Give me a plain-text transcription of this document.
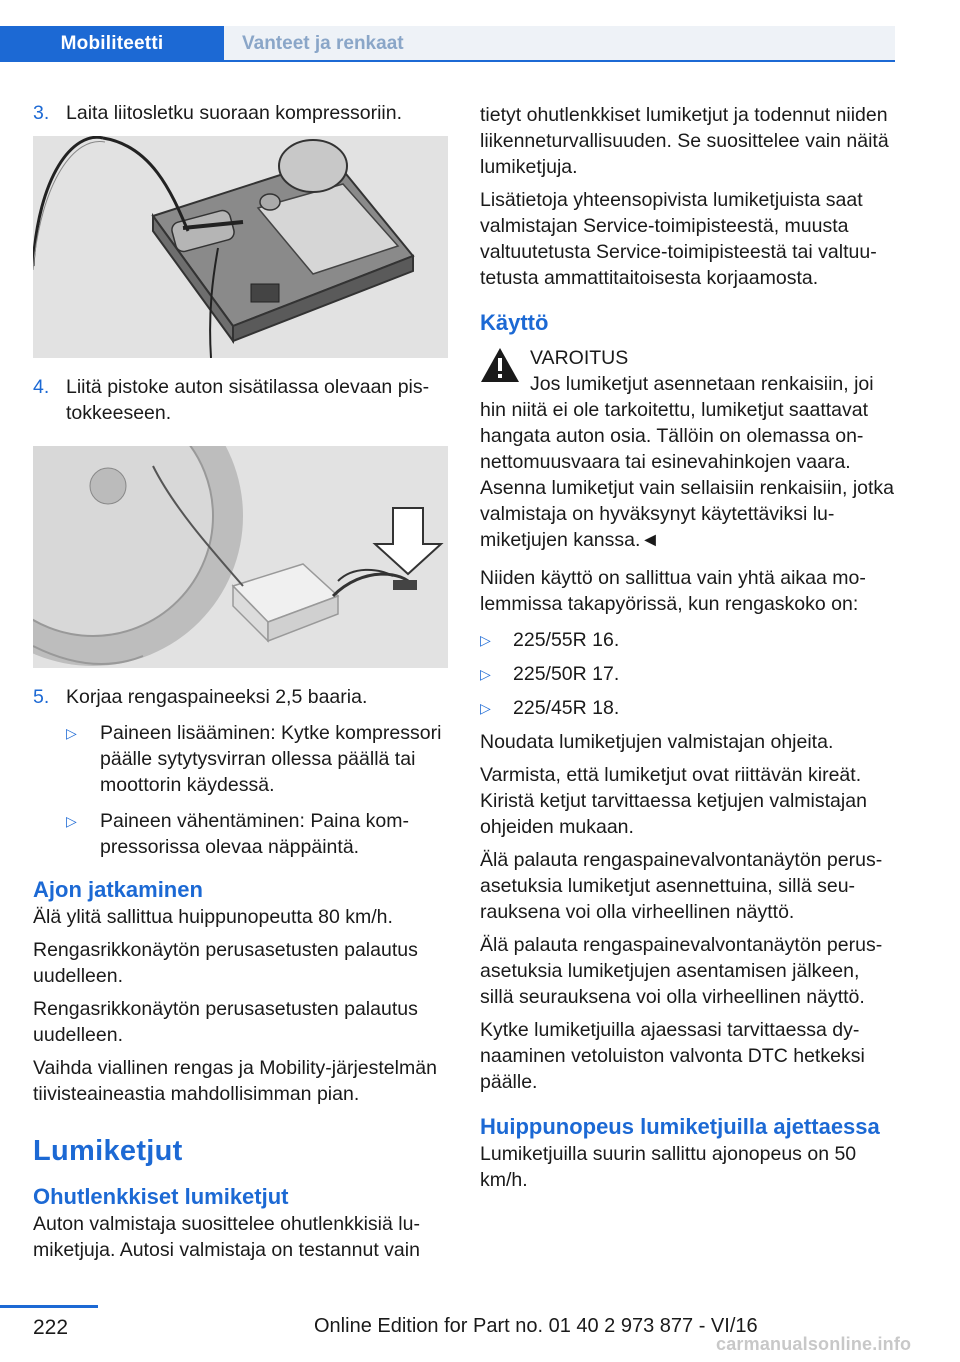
Mobiliteetti	Vanteet ja renkaat
3. Laita liitosletku suoraan kompressoriin.
4. Liitä pistoke auton sisätilassa olevaan pistokkeeseen.
5. Korjaa rengaspaineeksi 2,5 baaria.
▷	Paineen lisääminen: Kytke kompressori päälle sytytysvirran ollessa päällä tai moottorin käydessä.
▷	Paineen vähentäminen: Paina kompressorissa olevaa näppäintä.
Ajon jatkaminen
Älä ylitä sallittua huippunopeutta 80 km/h.
Rengasrikkonäytön perusasetusten palautus uudelleen.
Rengasrikkonäytön perusasetusten palautus uudelleen.
Vaihda viallinen rengas ja Mobility-järjestelmän tiivisteaineastia mahdollisimman pian.
Lumiketjut
Ohutlenkkiset lumiketjut
Auton valmistaja suosittelee ohutlenkkisiä lumiketjuja. Autosi valmistaja on testannut vain
tietyt ohutlenkkiset lumiketjut ja todennut niiden liikenneturvallisuuden. Se suosittelee vain näitä lumiketjuja.
Lisätietoja yhteensopivista lumiketjuista saat valmistajan Service-toimipisteestä, muusta valtuutetusta Service-toimipisteestä tai valtuutetusta ammattitaitoisesta korjaamosta.
Käyttö
VAROITUS
Jos lumiketjut asennetaan renkaisiin, joi
hin niitä ei ole tarkoitettu, lumiketjut saattavat hangata auton osia. Tällöin on olemassa onnettomuusvaara tai esinevahinkojen vaara. Asenna lumiketjut vain sellaisiin renkaisiin, jotka valmistaja on hyväksynyt käytettäviksi lumiketjujen kanssa.◄
Niiden käyttö on sallittua vain yhtä aikaa molemmissa takapyörissä, kun rengaskoko on:
▷	225/55R 16.
▷	225/50R 17.
▷	225/45R 18.
Noudata lumiketjujen valmistajan ohjeita.
Varmista, että lumiketjut ovat riittävän kireät. Kiristä ketjut tarvittaessa ketjujen valmistajan ohjeiden mukaan.
Älä palauta rengaspainevalvontanäytön perusasetuksia lumiketjut asennettuina, sillä seurauksena voi olla virheellinen näyttö.
Älä palauta rengaspainevalvontanäytön perusasetuksia lumiketjujen asentamisen jälkeen, sillä seurauksena voi olla virheellinen näyttö.
Kytke lumiketjuilla ajaessasi tarvittaessa dynaaminen vetoluiston valvonta DTC hetkeksi päälle.
Huippunopeus lumiketjuilla ajettaessa
Lumiketjuilla suurin sallittu ajonopeus on 50 km/h.
222	Online Edition for Part no. 01 40 2 973 877 - VI/16
carmanualsonline.info
